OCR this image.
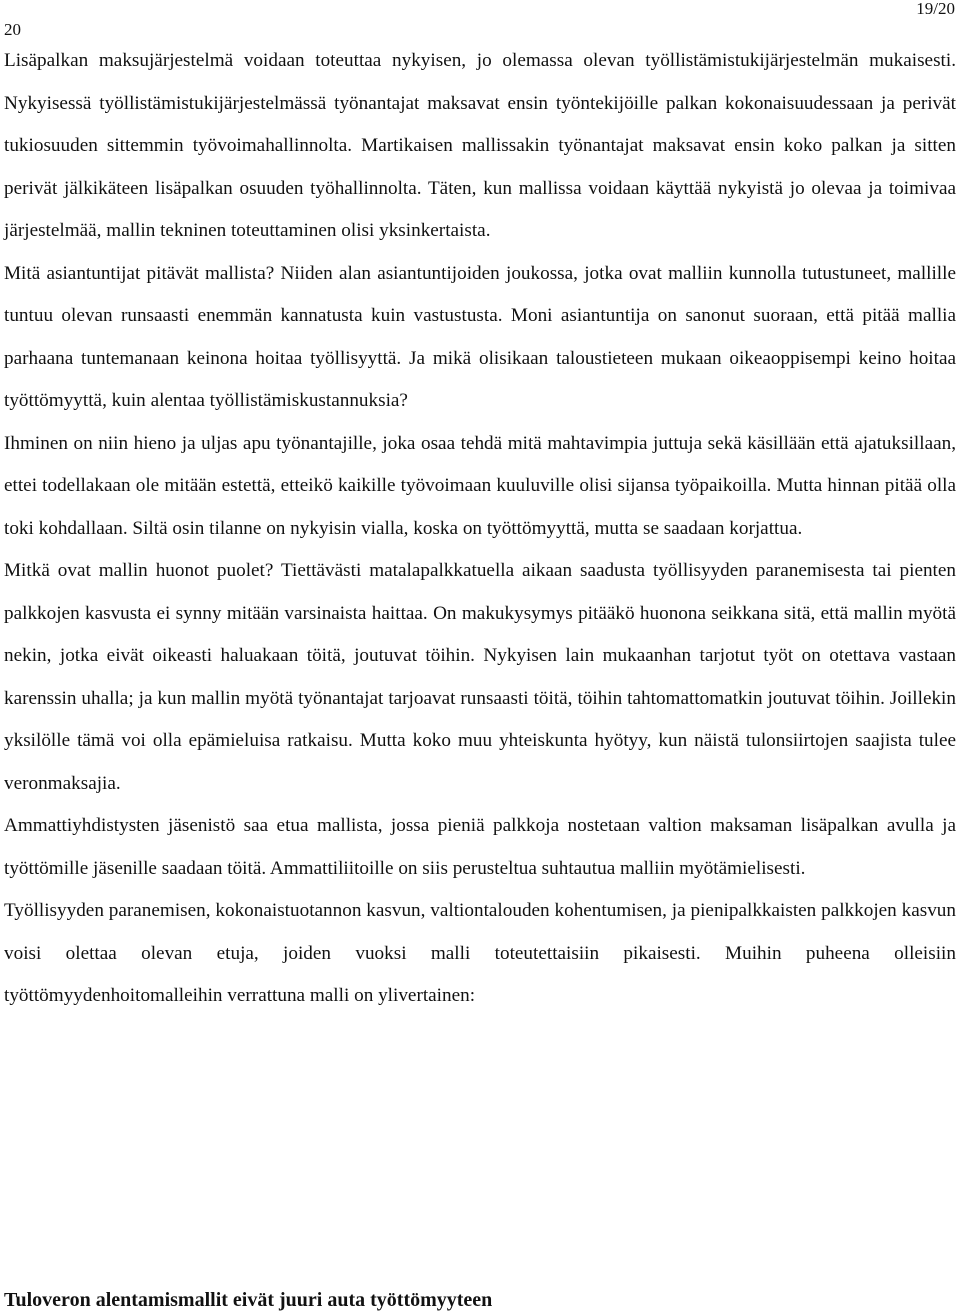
19/20
20

Lisäpalkan maksujärjestelmä voidaan toteuttaa nykyisen, jo olemassa olevan työllistämistukijärjestelmän mukaisesti. Nykyisessä työllistämistukijärjestelmässä työnantajat maksavat ensin työntekijöille palkan kokonaisuudessaan ja perivät tukiosuuden sittemmin työvoimahallinnolta. Martikaisen mallissakin työnantajat maksavat ensin koko palkan ja sitten perivät jälkikäteen lisäpalkan osuuden työhallinnolta. Täten, kun mallissa voidaan käyttää nykyistä jo olevaa ja toimivaa järjestelmää, mallin tekninen toteuttaminen olisi yksinkertaista.

Mitä asiantuntijat pitävät mallista? Niiden alan asiantuntijoiden joukossa, jotka ovat malliin kunnolla tutustuneet, mallille tuntuu olevan runsaasti enemmän kannatusta kuin vastustusta. Moni asiantuntija on sanonut suoraan, että pitää mallia parhaana tuntemanaan keinona hoitaa työllisyyttä. Ja mikä olisikaan taloustieteen mukaan oikeaoppisempi keino hoitaa työttömyyttä, kuin alentaa työllistämiskustannuksia?

Ihminen on niin hieno ja uljas apu työnantajille, joka osaa tehdä mitä mahtavimpia juttuja sekä käsillään että ajatuksillaan, ettei todellakaan ole mitään estettä, etteikö kaikille työvoimaan kuuluville olisi sijansa työpaikoilla. Mutta hinnan pitää olla toki kohdallaan. Siltä osin tilanne on nykyisin vialla, koska on työttömyyttä, mutta se saadaan korjattua.

Mitkä ovat mallin huonot puolet? Tiettävästi matalapalkkatuella aikaan saadusta työllisyyden paranemisesta tai pienten palkkojen kasvusta ei synny mitään varsinaista haittaa. On makukysymys pitääkö huonona seikkana sitä, että mallin myötä nekin, jotka eivät oikeasti haluakaan töitä, joutuvat töihin. Nykyisen lain mukaanhan tarjotut työt on otettava vastaan karenssin uhalla; ja kun mallin myötä työnantajat tarjoavat runsaasti töitä, töihin tahtomattomatkin joutuvat töihin. Joillekin yksilölle tämä voi olla epämieluisa ratkaisu. Mutta koko muu yhteiskunta hyötyy, kun näistä tulonsiirtojen saajista tulee veronmaksajia.

Ammattiyhdistysten jäsenistö saa etua mallista, jossa pieniä palkkoja nostetaan valtion maksaman lisäpalkan avulla ja työttömille jäsenille saadaan töitä. Ammattiliitoille on siis perusteltua suhtautua malliin myötämielisesti.

Työllisyyden paranemisen, kokonaistuotannon kasvun, valtiontalouden kohentumisen, ja pienipalkkaisten palkkojen kasvun voisi olettaa olevan etuja, joiden vuoksi malli toteutettaisiin pikaisesti. Muihin puheena olleisiin työttömyydenhoitomalleihin verrattuna malli on ylivertainen:

Tuloveron alentamismallit eivät juuri auta työttömyyteen
